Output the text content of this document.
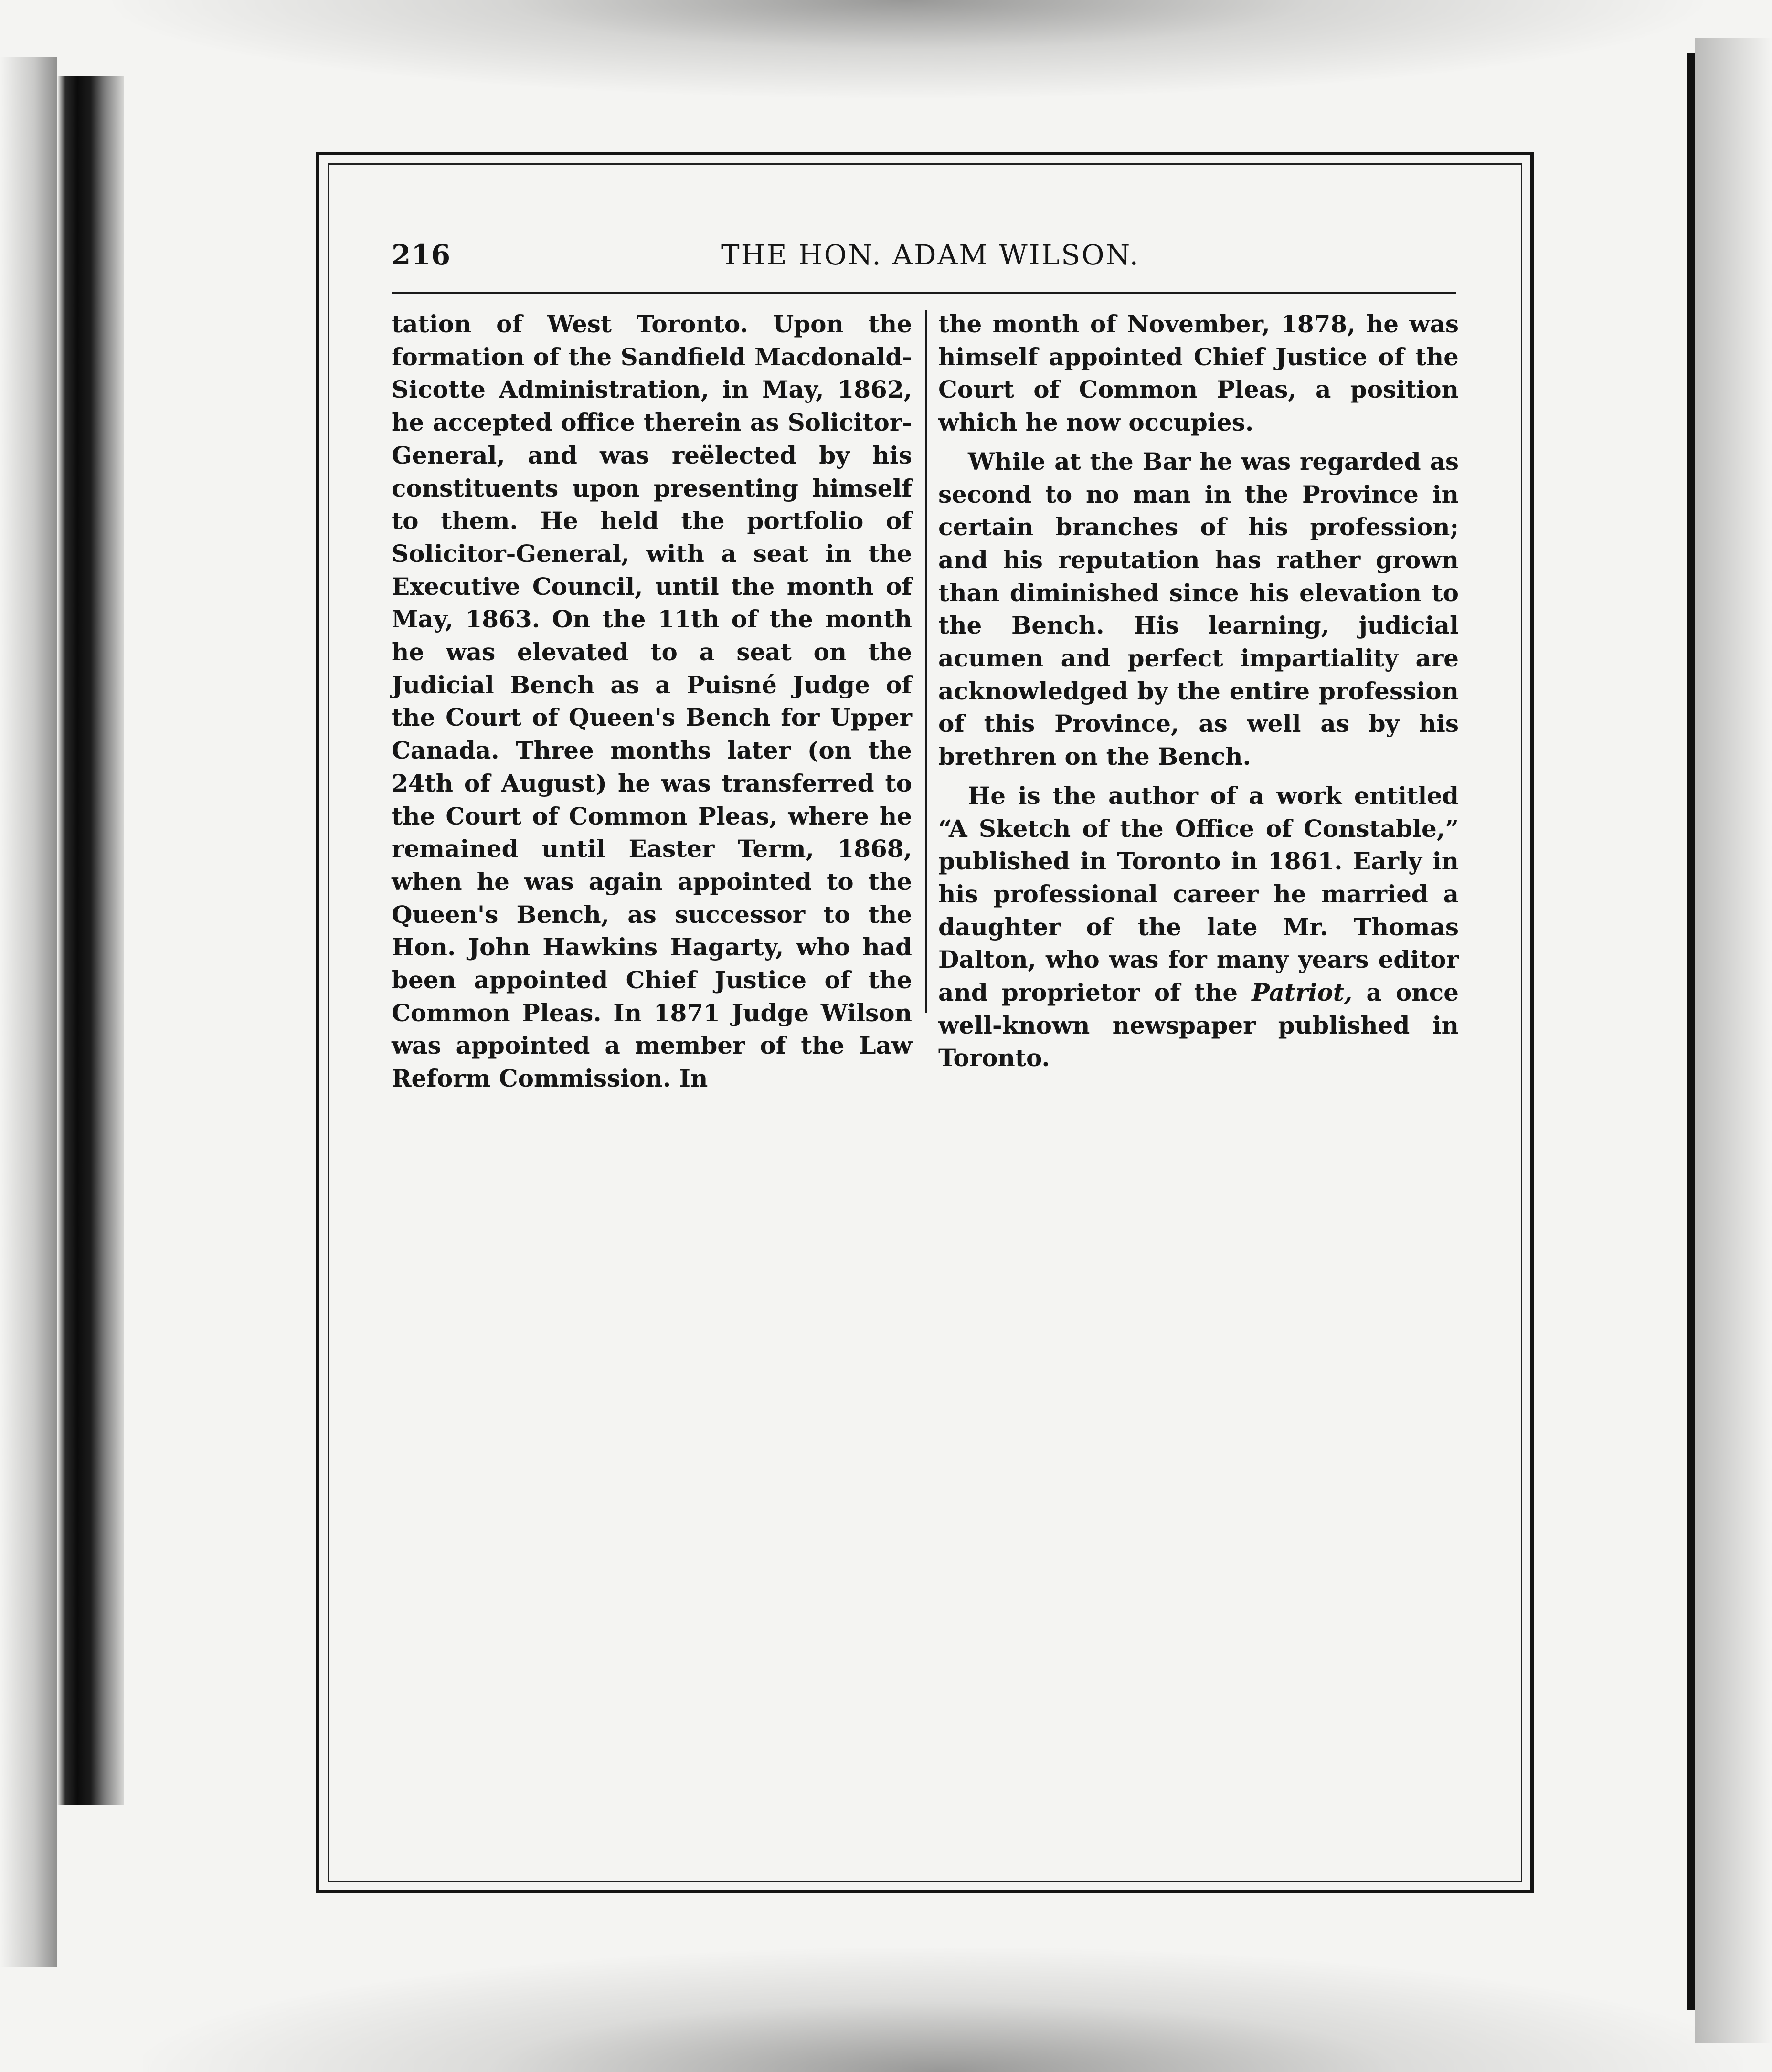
216	THE HON. ADAM WILSON.

tation of West Toronto. Upon the formation of the Sandfield Macdonald-Sicotte Administration, in May, 1862, he accepted office therein as Solicitor-General, and was reëlected by his constituents upon presenting himself to them. He held the portfolio of Solicitor-General, with a seat in the Executive Council, until the month of May, 1863. On the 11th of the month he was elevated to a seat on the Judicial Bench as a Puisné Judge of the Court of Queen's Bench for Upper Canada. Three months later (on the 24th of August) he was transferred to the Court of Common Pleas, where he remained until Easter Term, 1868, when he was again appointed to the Queen's Bench, as successor to the Hon. John Hawkins Hagarty, who had been appointed Chief Justice of the Common Pleas. In 1871 Judge Wilson was appointed a member of the Law Reform Commission. In

the month of November, 1878, he was himself appointed Chief Justice of the Court of Common Pleas, a position which he now occupies.

While at the Bar he was regarded as second to no man in the Province in certain branches of his profession; and his reputation has rather grown than diminished since his elevation to the Bench. His learning, judicial acumen and perfect impartiality are acknowledged by the entire profession of this Province, as well as by his brethren on the Bench.

He is the author of a work entitled “A Sketch of the Office of Constable,” published in Toronto in 1861. Early in his professional career he married a daughter of the late Mr. Thomas Dalton, who was for many years editor and proprietor of the Patriot, a once well-known newspaper published in Toronto.
